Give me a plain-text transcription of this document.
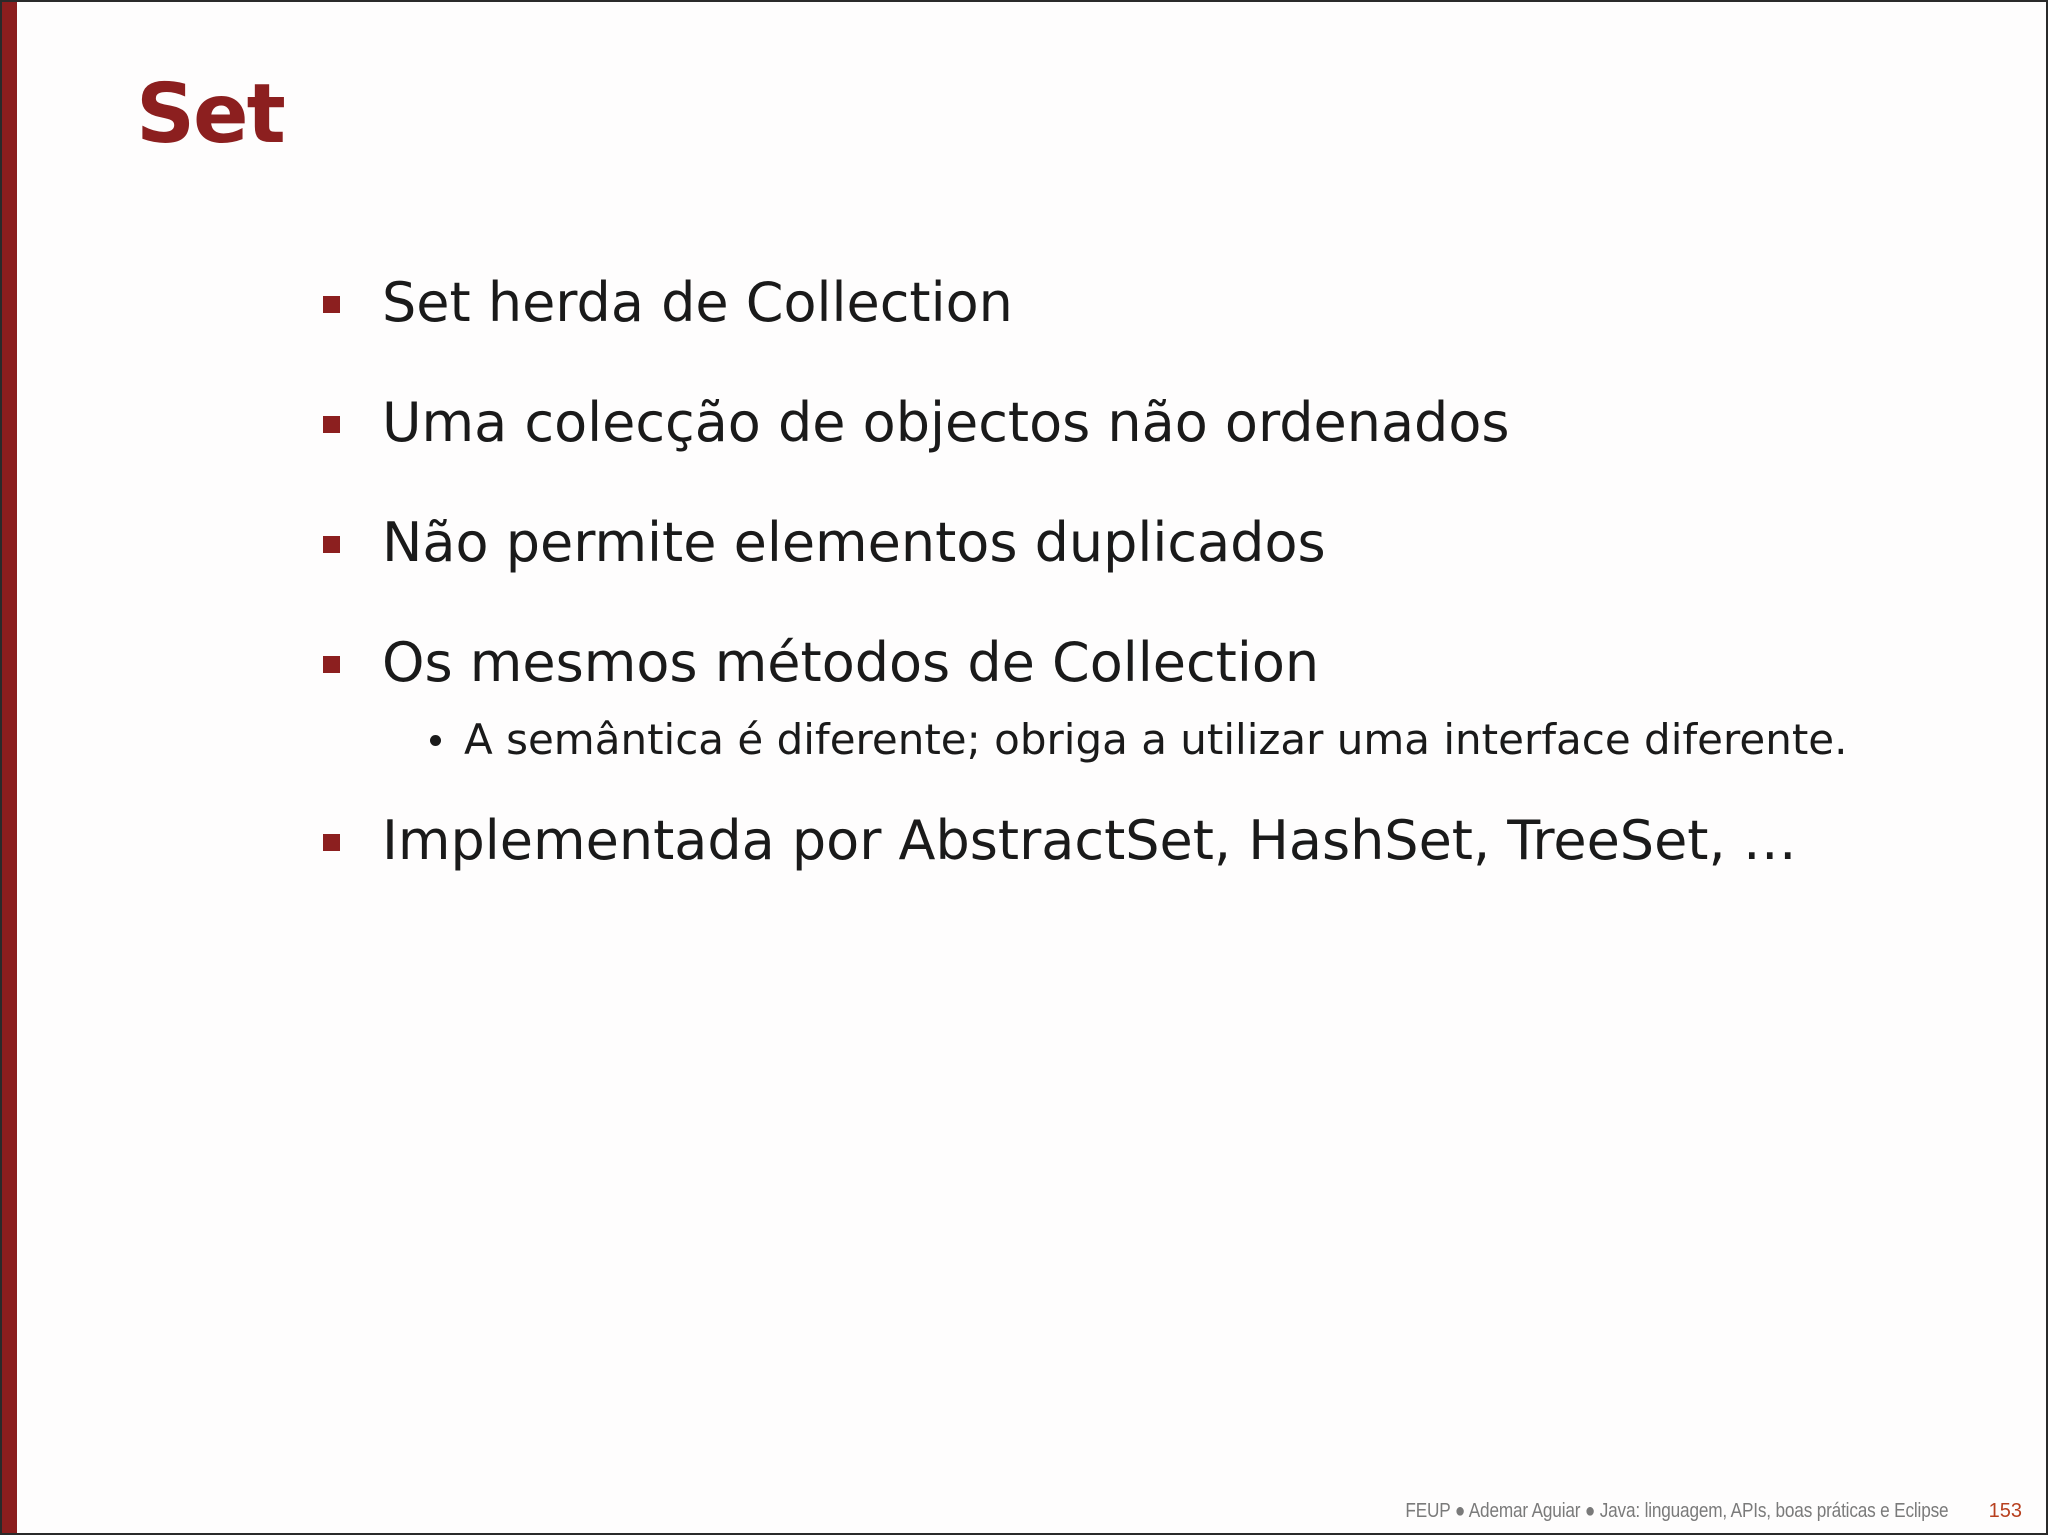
Set
Set herda de Collection
Uma colecção de objectos não ordenados
Não permite elementos duplicados
Os mesmos métodos de Collection
A semântica é diferente; obriga a utilizar uma interface diferente.
Implementada por AbstractSet, HashSet, TreeSet, …
FEUP ● Ademar Aguiar ● Java: linguagem, APIs, boas práticas e Eclipse 153
